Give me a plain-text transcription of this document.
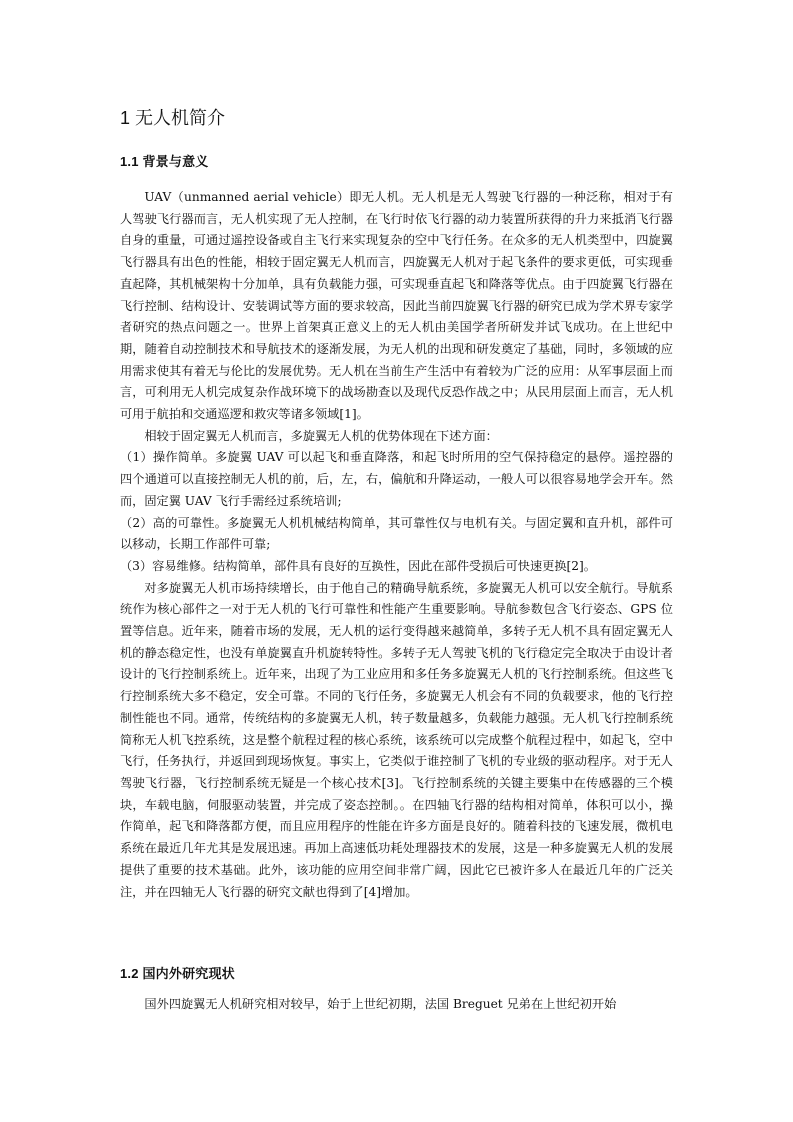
1 无人机简介
1.1 背景与意义

UAV（unmanned aerial vehicle）即无人机。无人机是无人驾驶飞行器的一种泛称，相对于有人驾驶飞行器而言，无人机实现了无人控制，在飞行时依飞行器的动力装置所获得的升力来抵消飞行器自身的重量，可通过遥控设备或自主飞行来实现复杂的空中飞行任务。在众多的无人机类型中，四旋翼飞行器具有出色的性能，相较于固定翼无人机而言，四旋翼无人机对于起飞条件的要求更低，可实现垂直起降，其机械架构十分加单，具有负载能力强，可实现垂直起飞和降落等优点。由于四旋翼飞行器在飞行控制、结构设计、安装调试等方面的要求较高，因此当前四旋翼飞行器的研究已成为学术界专家学者研究的热点问题之一。世界上首架真正意义上的无人机由美国学者所研发并试飞成功。在上世纪中期，随着自动控制技术和导航技术的逐渐发展，为无人机的出现和研发奠定了基础，同时，多领域的应用需求使其有着无与伦比的发展优势。无人机在当前生产生活中有着较为广泛的应用：从军事层面上而言，可利用无人机完成复杂作战环境下的战场勘查以及现代反恐作战之中；从民用层面上而言，无人机可用于航拍和交通巡逻和救灾等诸多领域[1]。

相较于固定翼无人机而言，多旋翼无人机的优势体现在下述方面：

（1）操作简单。多旋翼 UAV 可以起飞和垂直降落，和起飞时所用的空气保持稳定的悬停。遥控器的四个通道可以直接控制无人机的前，后，左，右，偏航和升降运动，一般人可以很容易地学会开车。然而，固定翼 UAV 飞行手需经过系统培训;

（2）高的可靠性。多旋翼无人机机械结构简单，其可靠性仅与电机有关。与固定翼和直升机，部件可以移动，长期工作部件可靠;

（3）容易维修。结构简单，部件具有良好的互换性，因此在部件受损后可快速更换[2]。

对多旋翼无人机市场持续增长，由于他自己的精确导航系统，多旋翼无人机可以安全航行。导航系统作为核心部件之一对于无人机的飞行可靠性和性能产生重要影响。导航参数包含飞行姿态、GPS 位置等信息。近年来，随着市场的发展，无人机的运行变得越来越简单，多转子无人机不具有固定翼无人机的静态稳定性，也没有单旋翼直升机旋转特性。多转子无人驾驶飞机的飞行稳定完全取决于由设计者设计的飞行控制系统上。近年来，出现了为工业应用和多任务多旋翼无人机的飞行控制系统。但这些飞行控制系统大多不稳定，安全可靠。不同的飞行任务，多旋翼无人机会有不同的负载要求，他的飞行控制性能也不同。通常，传统结构的多旋翼无人机，转子数量越多，负载能力越强。无人机飞行控制系统简称无人机飞控系统，这是整个航程过程的核心系统，该系统可以完成整个航程过程中，如起飞，空中飞行，任务执行，并返回到现场恢复。事实上，它类似于谁控制了飞机的专业级的驱动程序。对于无人驾驶飞行器，飞行控制系统无疑是一个核心技术[3]。飞行控制系统的关键主要集中在传感器的三个模块，车载电脑，伺服驱动装置，并完成了姿态控制。。在四轴飞行器的结构相对简单，体积可以小，操作简单，起飞和降落都方便，而且应用程序的性能在许多方面是良好的。随着科技的飞速发展，微机电系统在最近几年尤其是发展迅速。再加上高速低功耗处理器技术的发展，这是一种多旋翼无人机的发展提供了重要的技术基础。此外，该功能的应用空间非常广阔，因此它已被许多人在最近几年的广泛关注，并在四轴无人飞行器的研究文献也得到了[4]增加。

1.2 国内外研究现状

国外四旋翼无人机研究相对较早，始于上世纪初期，法国 Breguet 兄弟在上世纪初开始
